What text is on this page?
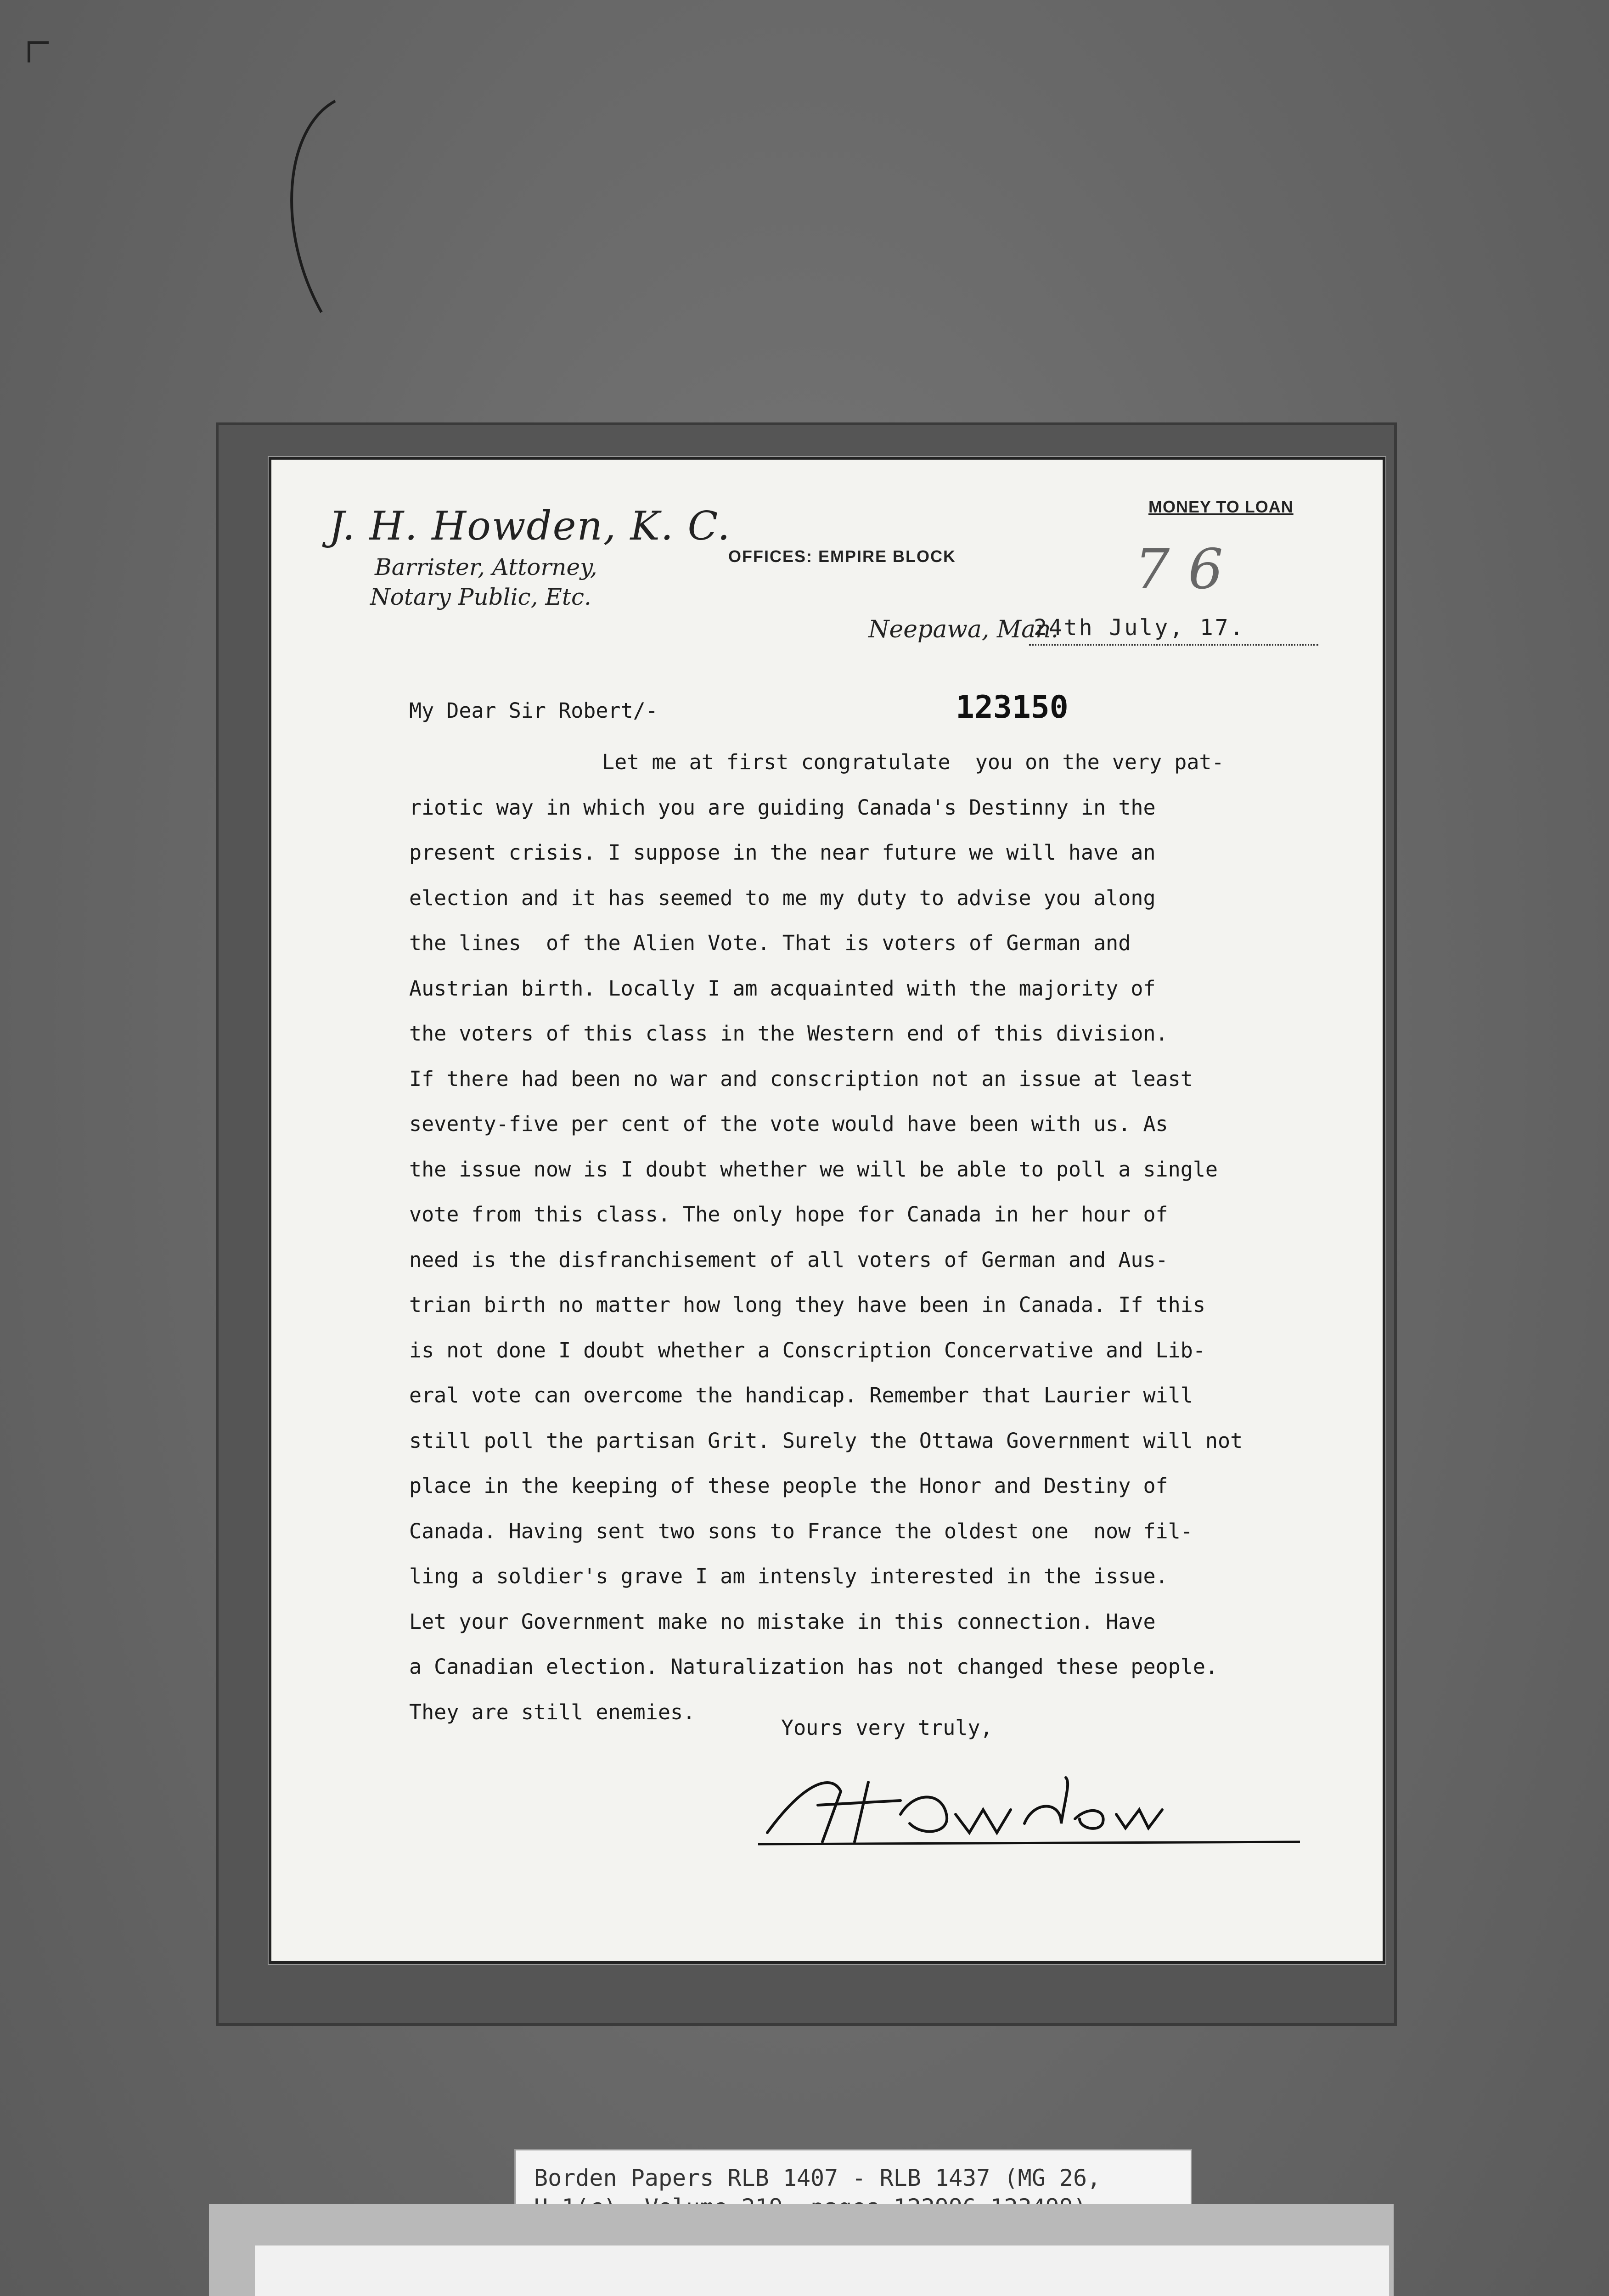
J. H. Howden, K. C.
Barrister, Attorney,
Notary Public, Etc.
OFFICES: EMPIRE BLOCK
MONEY TO LOAN
76
Neepawa, Man.
24th July, 17.
123150
My Dear Sir Robert/-
Let me at first congratulate  you on the very pat-
riotic way in which you are guiding Canada's Destinny in the
present crisis. I suppose in the near future we will have an
election and it has seemed to me my duty to advise you along
the lines  of the Alien Vote. That is voters of German and
Austrian birth. Locally I am acquainted with the majority of
the voters of this class in the Western end of this division.
If there had been no war and conscription not an issue at least
seventy-five per cent of the vote would have been with us. As
the issue now is I doubt whether we will be able to poll a single
vote from this class. The only hope for Canada in her hour of
need is the disfranchisement of all voters of German and Aus-
trian birth no matter how long they have been in Canada. If this
is not done I doubt whether a Conscription Concervative and Lib-
eral vote can overcome the handicap. Remember that Laurier will
still poll the partisan Grit. Surely the Ottawa Government will not
place in the keeping of these people the Honor and Destiny of
Canada. Having sent two sons to France the oldest one  now fil-
ling a soldier's grave I am intensly interested in the issue.
Let your Government make no mistake in this connection. Have
a Canadian election. Naturalization has not changed these people.
They are still enemies.
Yours very truly,
Borden Papers RLB 1407 - RLB 1437 (MG 26,
